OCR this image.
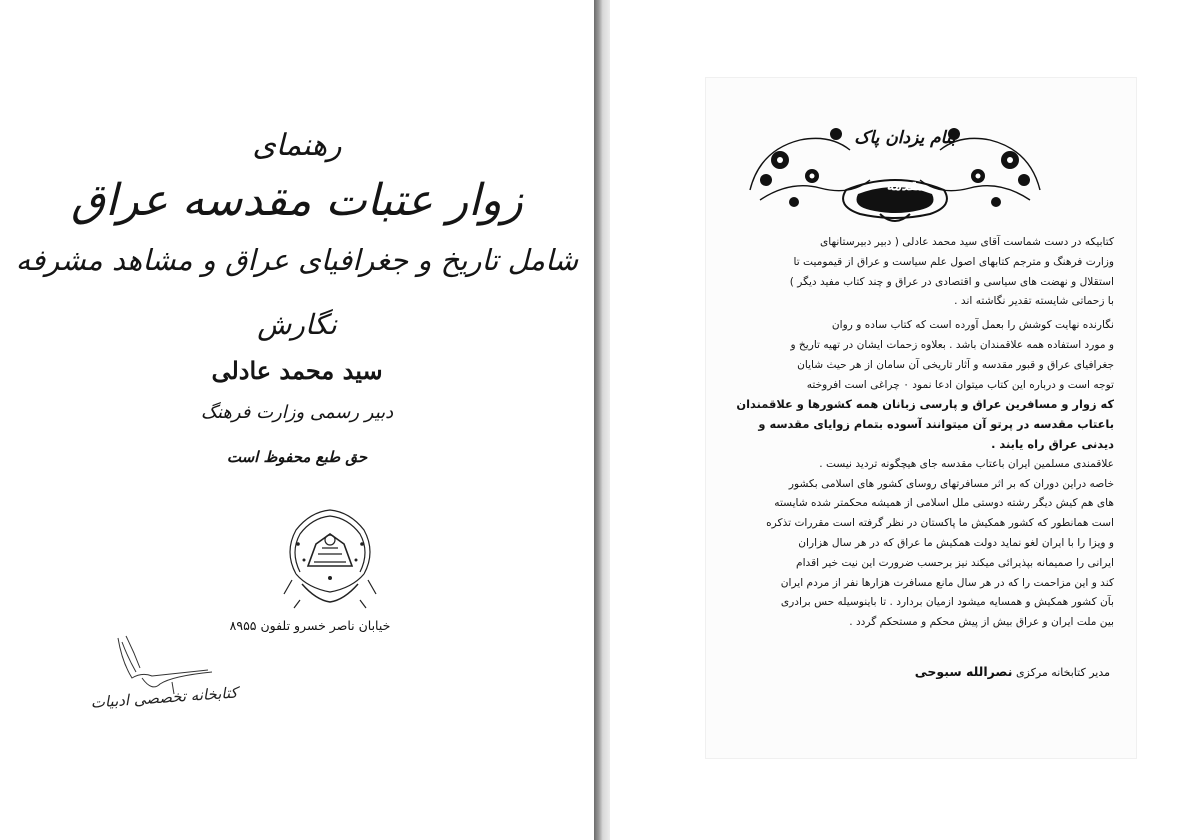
رهنمای
زوار عتبات مقدسه عراق
شامل تاریخ و جغرافیای عراق و مشاهد مشرفه
نگارش
سید محمد عادلی
دبیر رسمی وزارت فرهنگ
حق طبع محفوظ است
خیابان ناصر خسرو تلفون ۸۹۵۵
کتابخانه تخصصی ادبیات
بنام یزدان پاک
مقدمه

کتابیکه در دست شماست آقای سید محمد عادلی ( دبیر دبیرستانهای
وزارت فرهنگ و مترجم کتابهای اصول علم سیاست و عراق از قیمومیت تا
استقلال و نهضت های سیاسی و اقتصادی در عراق و چند کتاب مفید دیگر )
با زحماتی شایسته تقدیر نگاشته اند .

نگارنده نهایت کوشش را بعمل آورده است که کتاب ساده و روان
و مورد استفاده همه علاقمندان باشد . بعلاوه زحمات ایشان در تهیه تاریخ و
جغرافیای عراق و قبور مقدسه و آثار تاریخی آن سامان از هر حیث شایان
توجه است و درباره این کتاب میتوان ادعا نمود ٠ چراغی است افروخته
که زوار و مسافرین عراق و پارسی زبانان همه کشورها و علاقمندان
باعتاب مقدسه در پرتو آن میتوانند آسوده بتمام زوایای مقدسه و
دیدنی عراق راه یابند .

علاقمندی مسلمین ایران باعتاب مقدسه جای هیچگونه تردید نیست .
خاصه دراین دوران که بر اثر مسافرتهای روسای کشور های اسلامی بکشور
های هم کیش دیگر رشته دوستی ملل اسلامی از همیشه محکمتر شده شایسته
است همانطور که کشور همکیش ما پاکستان در نظر گرفته است مقررات تذکره
و ویزا را با ایران لغو نماید دولت همکیش ما عراق که در هر سال هزاران
ایرانی را صمیمانه بپذیرائی میکند نیز برحسب ضرورت این نیت خیر اقدام
کند و این مزاحمت را که در هر سال مانع مسافرت هزارها نفر از مردم ایران
بآن کشور همکیش و همسایه میشود ازمیان بردارد . تا باینوسیله حس برادری
بین ملت ایران و عراق بیش از پیش محکم و مستحکم گردد .

مدیر کتابخانه مرکزی نصرالله سبوحی
